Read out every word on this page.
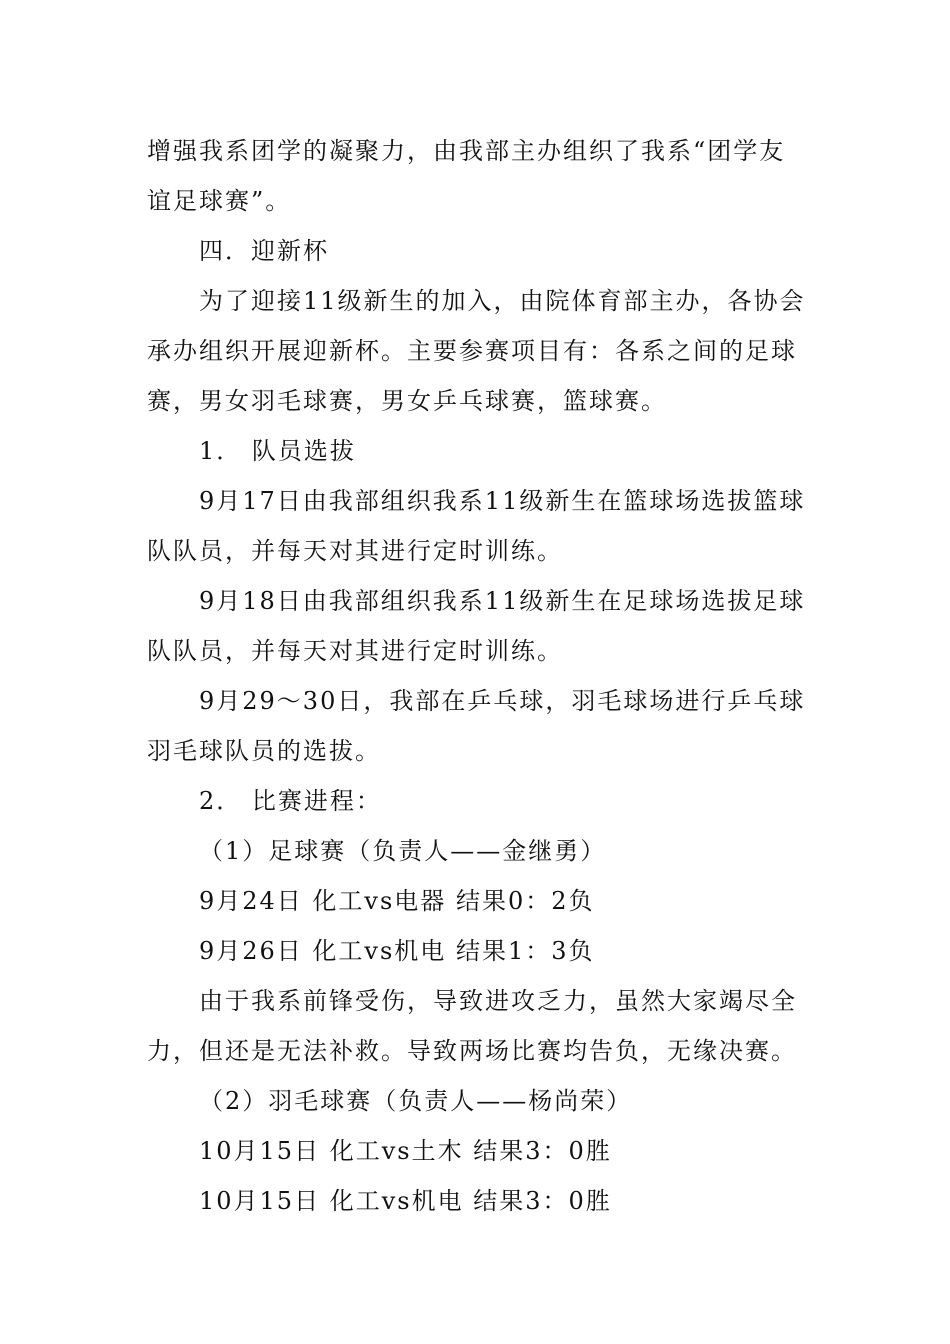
增强我系团学的凝聚力，由我部主办组织了我系“团学友
谊足球赛”。
四．迎新杯
为了迎接11级新生的加入，由院体育部主办，各协会
承办组织开展迎新杯。主要参赛项目有：各系之间的足球
赛，男女羽毛球赛，男女乒乓球赛，篮球赛。
1． 队员选拔
9月17日由我部组织我系11级新生在篮球场选拔篮球
队队员，并每天对其进行定时训练。
9月18日由我部组织我系11级新生在足球场选拔足球
队队员，并每天对其进行定时训练。
9月29～30日，我部在乒乓球，羽毛球场进行乒乓球
羽毛球队员的选拔。
2． 比赛进程：
（1）足球赛（负责人——金继勇）
9月24日 化工vs电器 结果0：2负
9月26日 化工vs机电 结果1：3负
由于我系前锋受伤，导致进攻乏力，虽然大家竭尽全
力，但还是无法补救。导致两场比赛均告负，无缘决赛。
（2）羽毛球赛（负责人——杨尚荣）
10月15日 化工vs土木 结果3：0胜
10月15日 化工vs机电 结果3：0胜
